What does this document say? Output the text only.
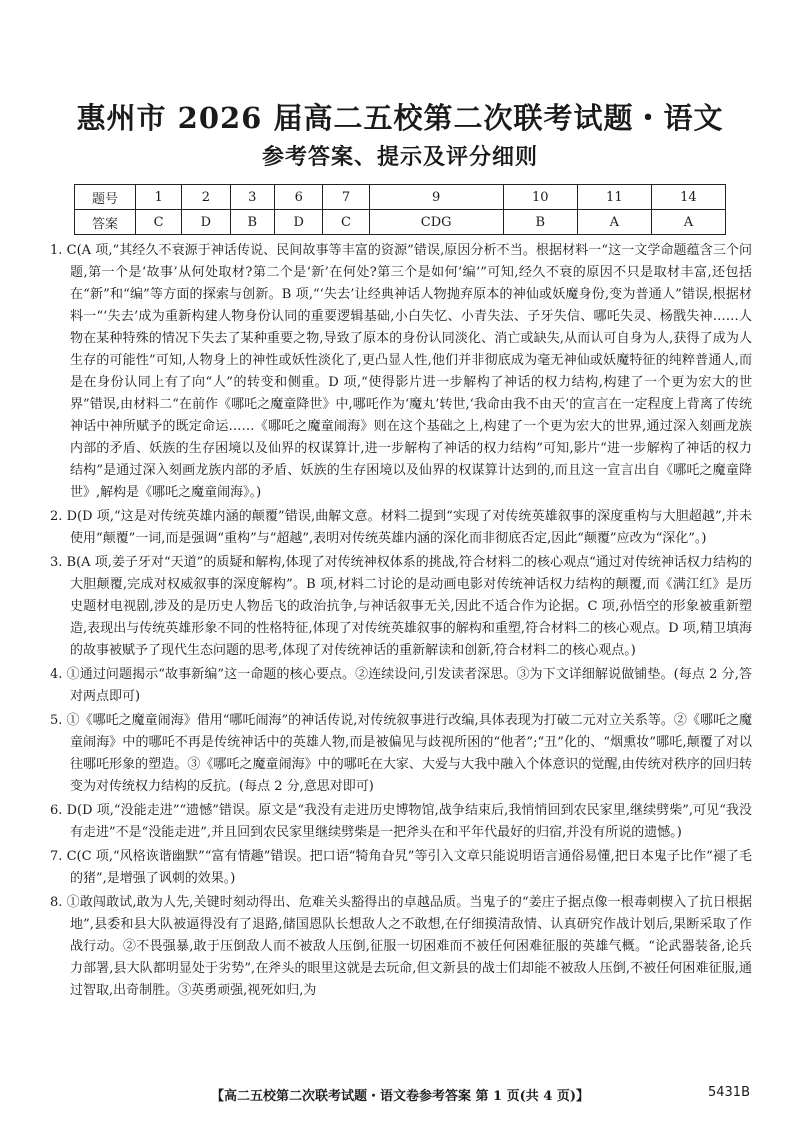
惠州市 2026 届高二五校第二次联考试题・语文
参考答案、提示及评分细则
题号	1	2	3	6	7	9	10	11	14
答案	C	D	B	D	C	CDG	B	A	A

1. C(A 项,“其经久不衰源于神话传说、民间故事等丰富的资源”错误,原因分析不当。根据材料一“这一文学命题蕴含三个问题,第一个是‘故事’从何处取材?第二个是‘新’在何处?第三个是如何‘编’”可知,经久不衰的原因不只是取材丰富,还包括在“新”和“编”等方面的探索与创新。B 项,“‘失去’让经典神话人物抛弃原本的神仙或妖魔身份,变为普通人”错误,根据材料一“‘失去’成为重新构建人物身份认同的重要逻辑基础,小白失忆、小青失法、子牙失信、哪吒失灵、杨戬失神……人物在某种特殊的情况下失去了某种重要之物,导致了原本的身份认同淡化、消亡或缺失,从而认可自身为人,获得了成为人生存的可能性”可知,人物身上的神性或妖性淡化了,更凸显人性,他们并非彻底成为毫无神仙或妖魔特征的纯粹普通人,而是在身份认同上有了向“人”的转变和侧重。D 项,“使得影片进一步解构了神话的权力结构,构建了一个更为宏大的世界”错误,由材料二“在前作《哪吒之魔童降世》中,哪吒作为‘魔丸’转世,‘我命由我不由天’的宣言在一定程度上背离了传统神话中神所赋予的既定命运……《哪吒之魔童闹海》则在这个基础之上,构建了一个更为宏大的世界,通过深入刻画龙族内部的矛盾、妖族的生存困境以及仙界的权谋算计,进一步解构了神话的权力结构”可知,影片“进一步解构了神话的权力结构”是通过深入刻画龙族内部的矛盾、妖族的生存困境以及仙界的权谋算计达到的,而且这一宣言出自《哪吒之魔童降世》,解构是《哪吒之魔童闹海》。)

2. D(D 项,“这是对传统英雄内涵的颠覆”错误,曲解文意。材料二提到“实现了对传统英雄叙事的深度重构与大胆超越”,并未使用“颠覆”一词,而是强调“重构”与“超越”,表明对传统英雄内涵的深化而非彻底否定,因此“颠覆”应改为“深化”。)

3. B(A 项,姜子牙对“天道”的质疑和解构,体现了对传统神权体系的挑战,符合材料二的核心观点“通过对传统神话权力结构的大胆颠覆,完成对权威叙事的深度解构”。B 项,材料二讨论的是动画电影对传统神话权力结构的颠覆,而《满江红》是历史题材电视剧,涉及的是历史人物岳飞的政治抗争,与神话叙事无关,因此不适合作为论据。C 项,孙悟空的形象被重新塑造,表现出与传统英雄形象不同的性格特征,体现了对传统英雄叙事的解构和重塑,符合材料二的核心观点。D 项,精卫填海的故事被赋予了现代生态问题的思考,体现了对传统神话的重新解读和创新,符合材料二的核心观点。)

4. ①通过问题揭示“故事新编”这一命题的核心要点。②连续设问,引发读者深思。③为下文详细解说做铺垫。(每点 2 分,答对两点即可)

5. ①《哪吒之魔童闹海》借用“哪吒闹海”的神话传说,对传统叙事进行改编,具体表现为打破二元对立关系等。②《哪吒之魔童闹海》中的哪吒不再是传统神话中的英雄人物,而是被偏见与歧视所困的“他者”;“丑”化的、“烟熏妆”哪吒,颠覆了对以往哪吒形象的塑造。③《哪吒之魔童闹海》中的哪吒在大家、大爱与大我中融入个体意识的觉醒,由传统对秩序的回归转变为对传统权力结构的反抗。(每点 2 分,意思对即可)

6. D(D 项,“没能走进”“遗憾”错误。原文是“我没有走进历史博物馆,战争结束后,我悄悄回到农民家里,继续劈柴”,可见“我没有走进”不是“没能走进”,并且回到农民家里继续劈柴是一把斧头在和平年代最好的归宿,并没有所说的遗憾。)

7. C(C 项,“风格诙谐幽默”“富有情趣”错误。把口语“犄角旮旯”等引入文章只能说明语言通俗易懂,把日本鬼子比作“褪了毛的猪”,是增强了讽刺的效果。)

8. ①敢闯敢试,敢为人先,关键时刻动得出、危难关头豁得出的卓越品质。当鬼子的“姜庄子据点像一根毒刺楔入了抗日根据地”,县委和县大队被逼得没有了退路,储国恩队长想敌人之不敢想,在仔细摸清敌情、认真研究作战计划后,果断采取了作战行动。②不畏强暴,敢于压倒敌人而不被敌人压倒,征服一切困难而不被任何困难征服的英雄气概。“论武器装备,论兵力部署,县大队都明显处于劣势”,在斧头的眼里这就是去玩命,但文新县的战士们却能不被敌人压倒,不被任何困难征服,通过智取,出奇制胜。③英勇顽强,视死如归,为

【高二五校第二次联考试题・语文卷参考答案 第 1 页(共 4 页)】	5431B
